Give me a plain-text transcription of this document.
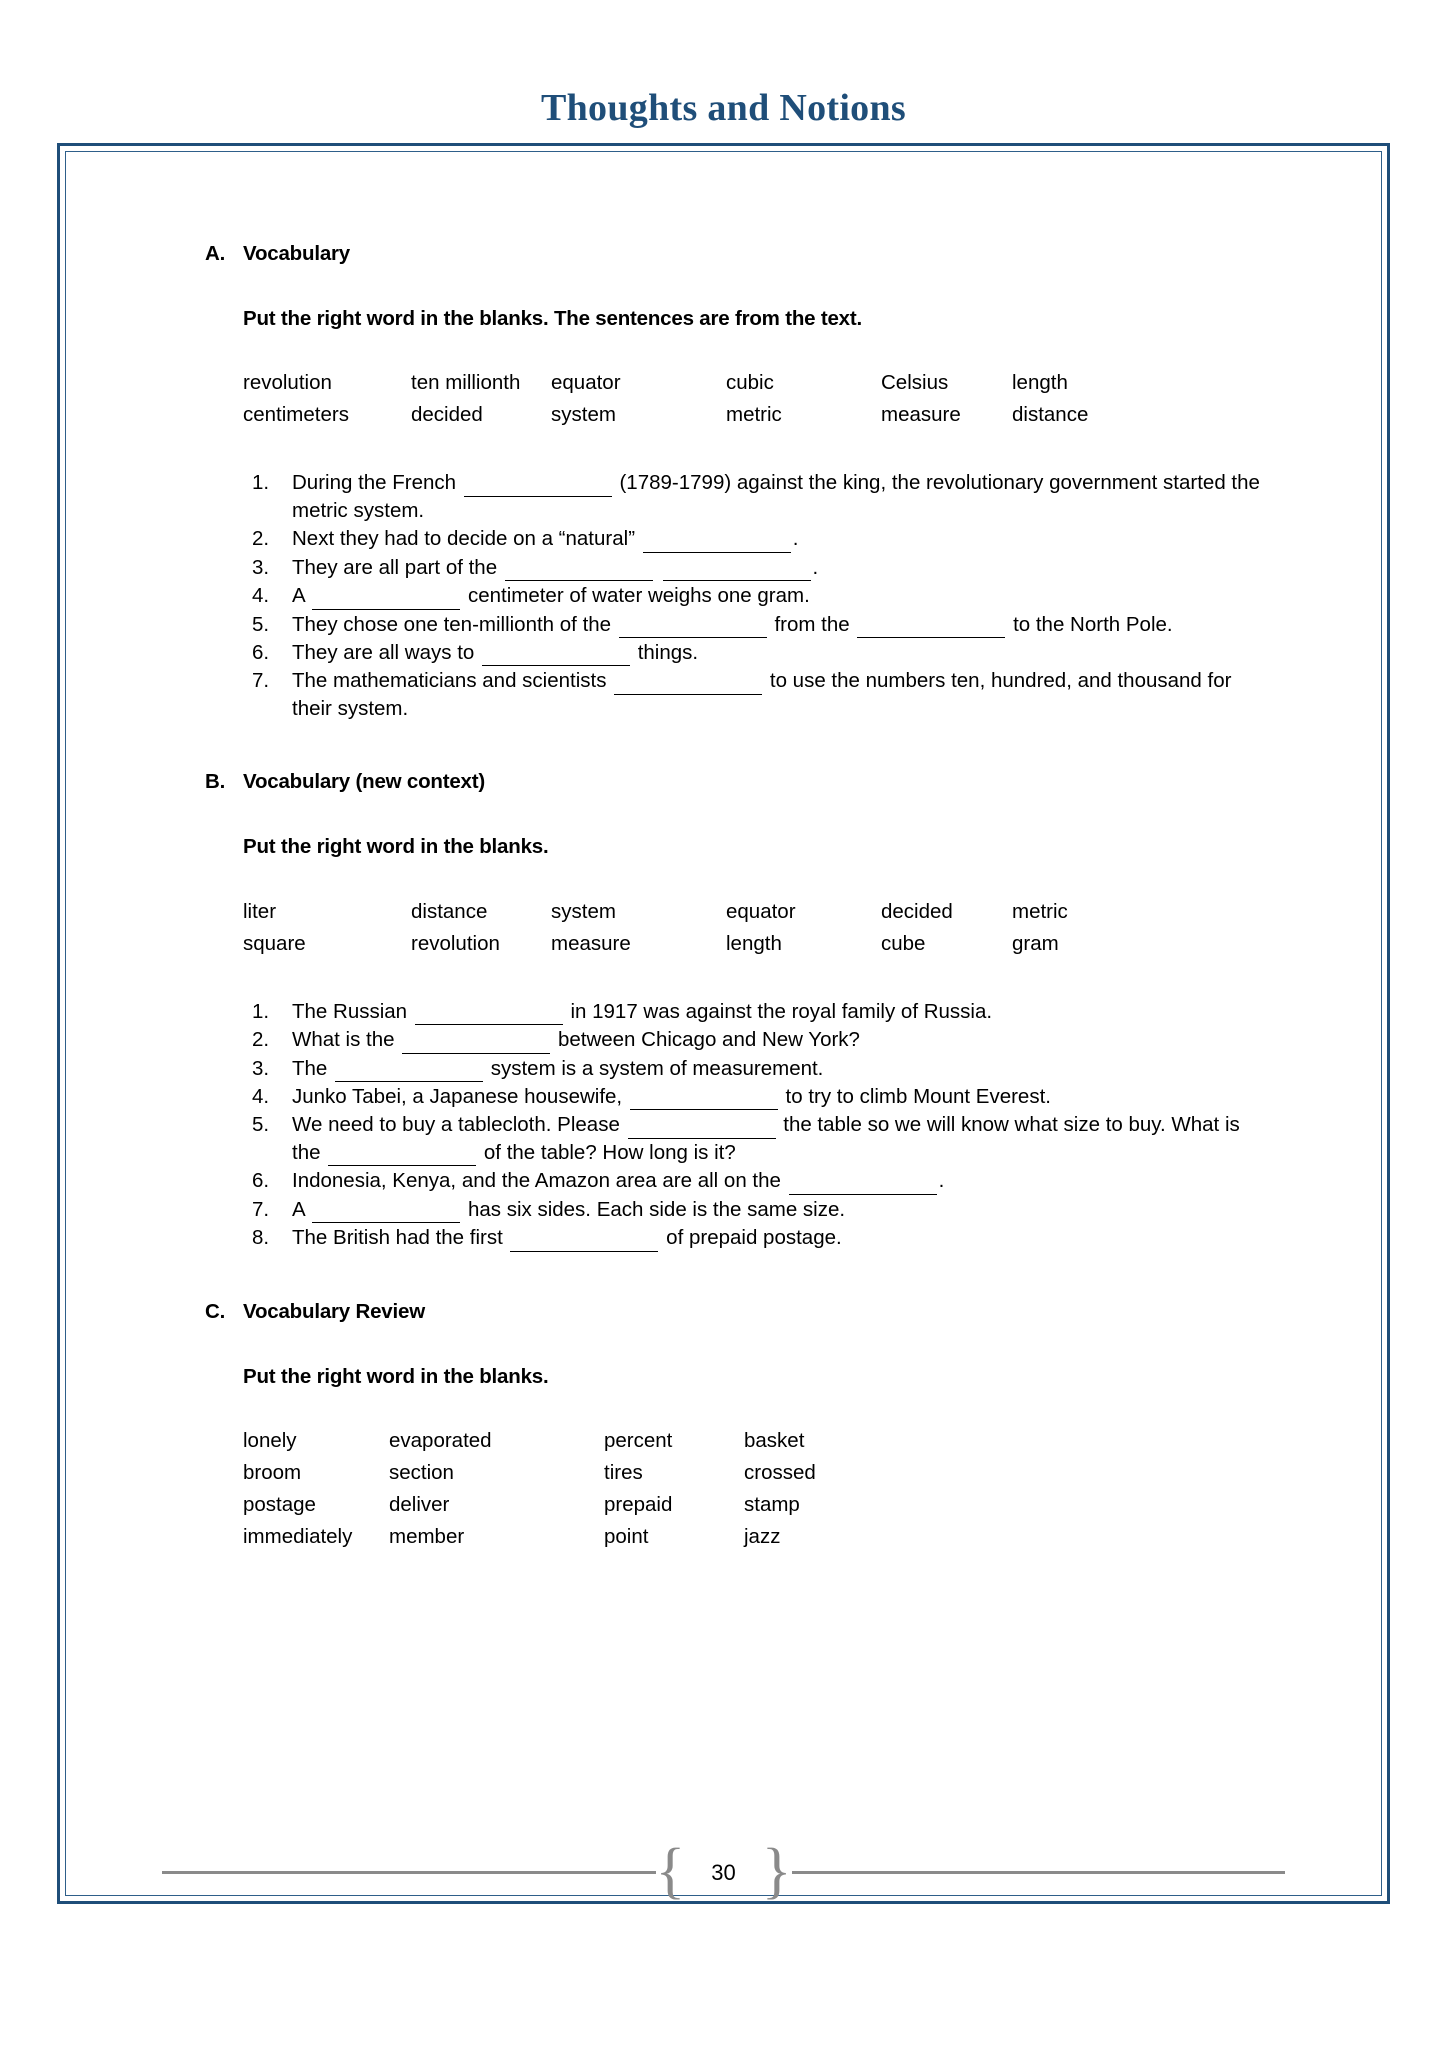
Thoughts and Notions
A. Vocabulary
Put the right word in the blanks. The sentences are from the text.
revolution	ten millionth	equator	cubic	Celsius	length
centimeters	decided	system	metric	measure	distance
1.	During the French	(1789-1799) against the king, the revolutionary government started the metric system.
2.	Next they had to decide on a “natural”	.
3.	They are all part of the	.
4.	A	centimeter of water weighs one gram.
5.	They chose one ten-millionth of the	from the	to the North Pole.
6.	They are all ways to	things.
7.	The mathematicians and scientists	to use the numbers ten, hundred, and thousand for their system.
B. Vocabulary (new context)
Put the right word in the blanks.
liter	distance	system	equator	decided	metric
square	revolution	measure	length	cube	gram
1.	The Russian	in 1917 was against the royal family of Russia.
2.	What is the	between Chicago and New York?
3.	The	system is a system of measurement.
4.	Junko Tabei, a Japanese housewife,	to try to climb Mount Everest.
5.	We need to buy a tablecloth. Please	the table so we will know what size to buy. What is the	of the table? How long is it?
6.	Indonesia, Kenya, and the Amazon area are all on the	.
7.	A	has six sides. Each side is the same size.
8.	The British had the first	of prepaid postage.
C. Vocabulary Review
Put the right word in the blanks.
lonely	evaporated	percent	basket
broom	section	tires	crossed
postage	deliver	prepaid	stamp
immediately	member	point	jazz
{	30 }
